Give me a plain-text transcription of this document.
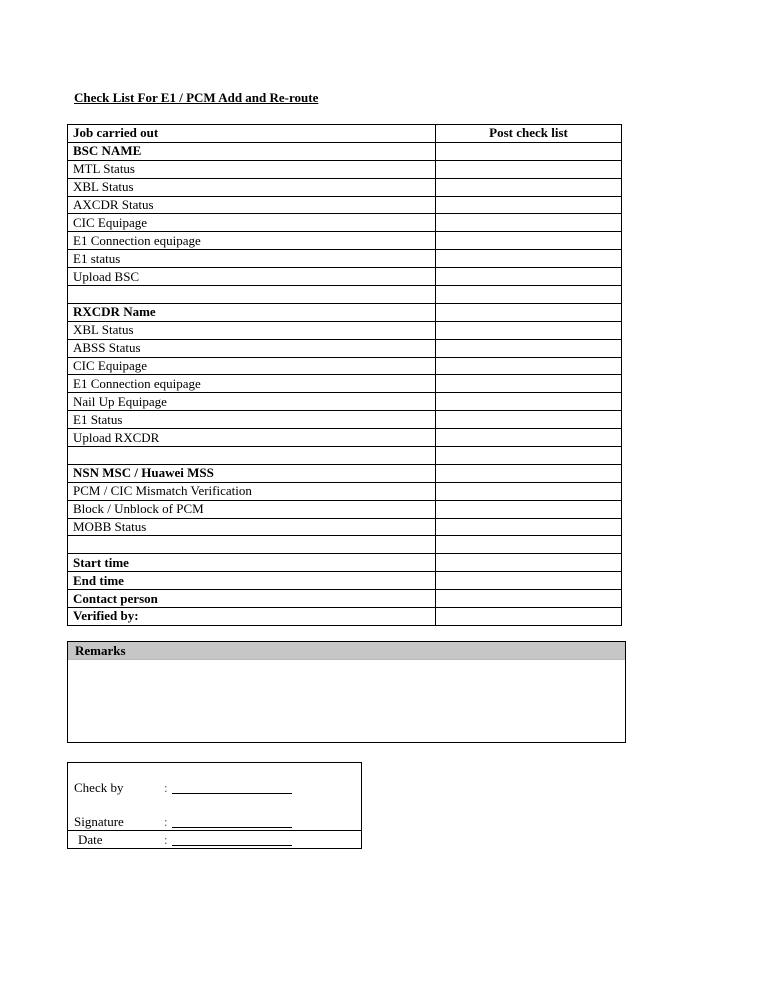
Check List For E1 / PCM Add and Re-route
Job carried out	Post check list
BSC NAME	
MTL Status	
XBL Status	
AXCDR Status	
CIC Equipage	
E1 Connection equipage	
E1 status	
Upload BSC	

RXCDR Name	
XBL Status	
ABSS Status	
CIC Equipage	
E1 Connection equipage	
Nail Up Equipage	
E1 Status	
Upload RXCDR	

NSN MSC / Huawei MSS	
PCM / CIC Mismatch Verification	
Block / Unblock of PCM	
MOBB Status	

Start time	
End time	
Contact person	
Verified by:	
Remarks
Check by	:
Signature	:
Date	:
